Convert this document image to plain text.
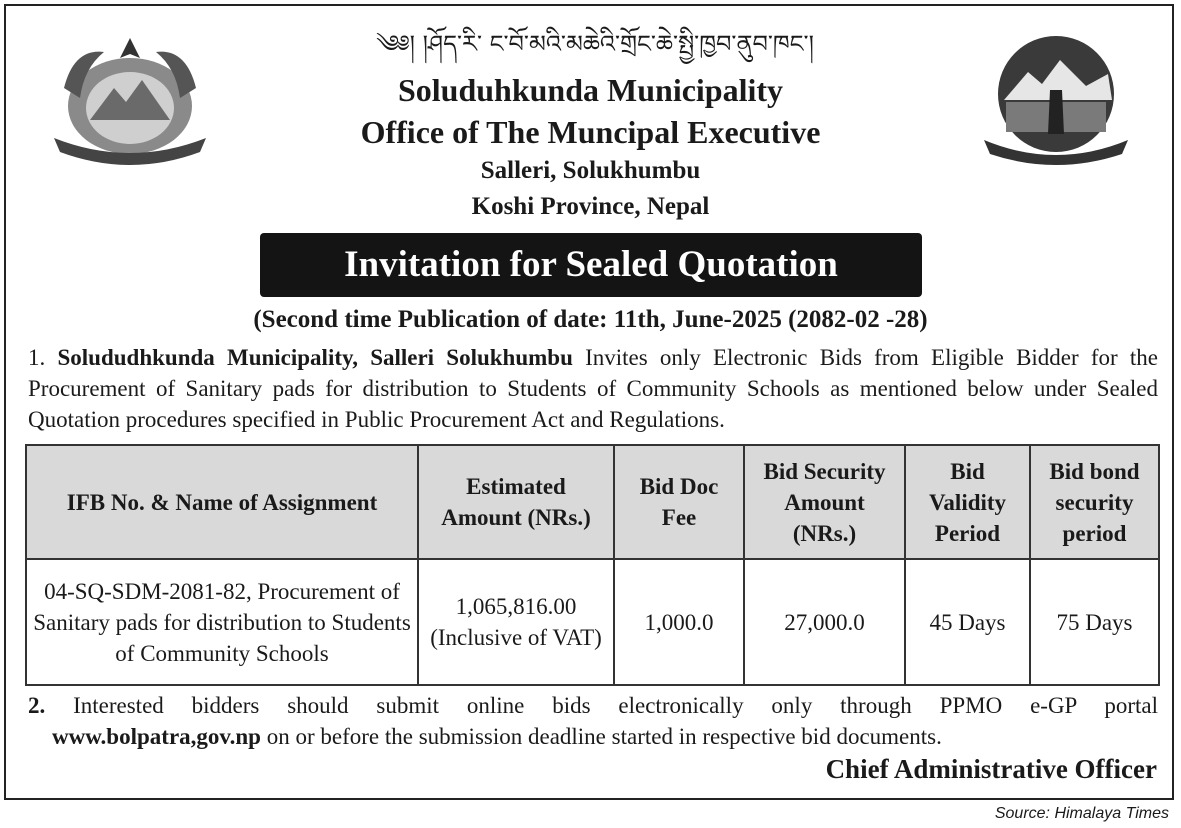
༄༅། །ཤོད་རི་ ང་བོ་མའི་མཆེའི་གྲོང་ཆེ་སྤྱི་ཁྱབ་ནུབ་ཁང་།
Soluduhkunda Municipality
Office of The Muncipal Executive
Salleri, Solukhumbu
Koshi Province, Nepal
Invitation for Sealed Quotation
(Second time Publication of date: 11th, June-2025 (2082-02 -28)
1. Solududhkunda Municipality, Salleri Solukhumbu Invites only Electronic Bids from Eligible Bidder for the Procurement of Sanitary pads for distribution to Students of Community Schools as mentioned below under Sealed Quotation procedures specified in Public Procurement Act and Regulations.
IFB No. & Name of Assignment	Estimated Amount (NRs.)	Bid Doc Fee	Bid Security Amount (NRs.)	Bid Validity Period	Bid bond security period
04-SQ-SDM-2081-82, Procurement of Sanitary pads for distribution to Students of Community Schools	1,065,816.00 (Inclusive of VAT)	1,000.0	27,000.0	45 Days	75 Days
2. Interested bidders should submit online bids electronically only through PPMO e-GP portal
www.bolpatra,gov.np on or before the submission deadline started in respective bid documents.
Chief Administrative Officer
Source: Himalaya Times
